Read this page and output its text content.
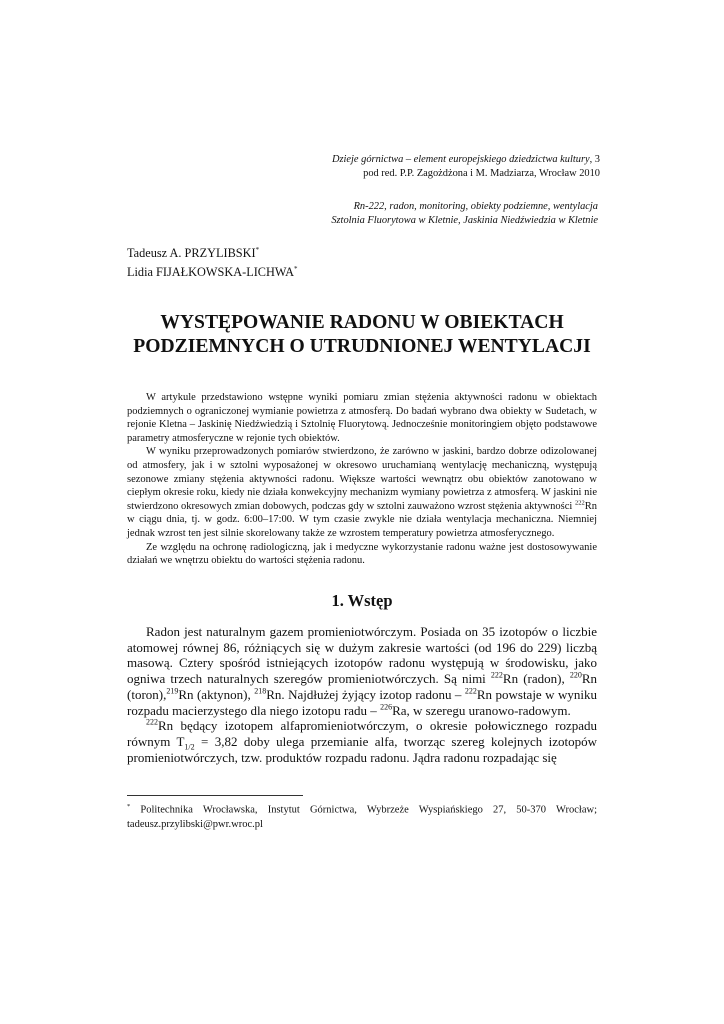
Dzieje górnictwa – element europejskiego dziedzictwa kultury, 3
pod red. P.P. Zagożdżona i M. Madziarza, Wrocław 2010
Rn-222, radon, monitoring, obiekty podziemne, wentylacja
Sztolnia Fluorytowa w Kletnie, Jaskinia Niedźwiedzia w Kletnie
Tadeusz A. PRZYLIBSKI*
Lidia FIJAŁKOWSKA-LICHWA*
WYSTĘPOWANIE RADONU W OBIEKTACH
PODZIEMNYCH O UTRUDNIONEJ WENTYLACJI

W artykule przedstawiono wstępne wyniki pomiaru zmian stężenia aktywności radonu w obiektach podziemnych o ograniczonej wymianie powietrza z atmosferą. Do badań wybrano dwa obiekty w Sudetach, w rejonie Kletna – Jaskinię Niedźwiedzią i Sztolnię Fluorytową. Jednocześnie monitoringiem objęto podstawowe parametry atmosferyczne w rejonie tych obiektów.

W wyniku przeprowadzonych pomiarów stwierdzono, że zarówno w jaskini, bardzo dobrze odizolowanej od atmosfery, jak i w sztolni wyposażonej w okresowo uruchamianą wentylację mechaniczną, występują sezonowe zmiany stężenia aktywności radonu. Większe wartości wewnątrz obu obiektów zanotowano w ciepłym okresie roku, kiedy nie działa konwekcyjny mechanizm wymiany powietrza z atmosferą. W jaskini nie stwierdzono okresowych zmian dobowych, podczas gdy w sztolni zauważono wzrost stężenia aktywności $^{222}$Rn w ciągu dnia, tj. w godz. 6:00–17:00. W tym czasie zwykle nie działa wentylacja mechaniczna. Niemniej jednak wzrost ten jest silnie skorelowany także ze wzrostem temperatury powietrza atmosferycznego.

Ze względu na ochronę radiologiczną, jak i medyczne wykorzystanie radonu ważne jest dostosowywanie działań we wnętrzu obiektu do wartości stężenia radonu.

1. Wstęp

Radon jest naturalnym gazem promieniotwórczym. Posiada on 35 izotopów o liczbie atomowej równej 86, różniących się w dużym zakresie wartości (od 196 do 229) liczbą masową. Cztery spośród istniejących izotopów radonu występują w środowisku, jako ogniwa trzech naturalnych szeregów promieniotwórczych. Są nimi $^{222}$Rn (radon), $^{220}$Rn (toron),$^{219}$Rn (aktynon), $^{218}$Rn. Najdłużej żyjący izotop radonu – $^{222}$Rn powstaje w wyniku rozpadu macierzystego dla niego izotopu radu – $^{226}$Ra, w szeregu uranowo-radowym.

$^{222}$Rn będący izotopem alfapromieniotwórczym, o okresie połowicznego rozpadu równym $T_{1/2} = 3,82$ doby ulega przemianie alfa, tworząc szereg kolejnych izotopów promieniotwórczych, tzw. produktów rozpadu radonu. Jądra radonu rozpadając się

* Politechnika Wrocławska, Instytut Górnictwa, Wybrzeże Wyspiańskiego 27, 50-370 Wrocław; tadeusz.przylibski@pwr.wroc.pl
